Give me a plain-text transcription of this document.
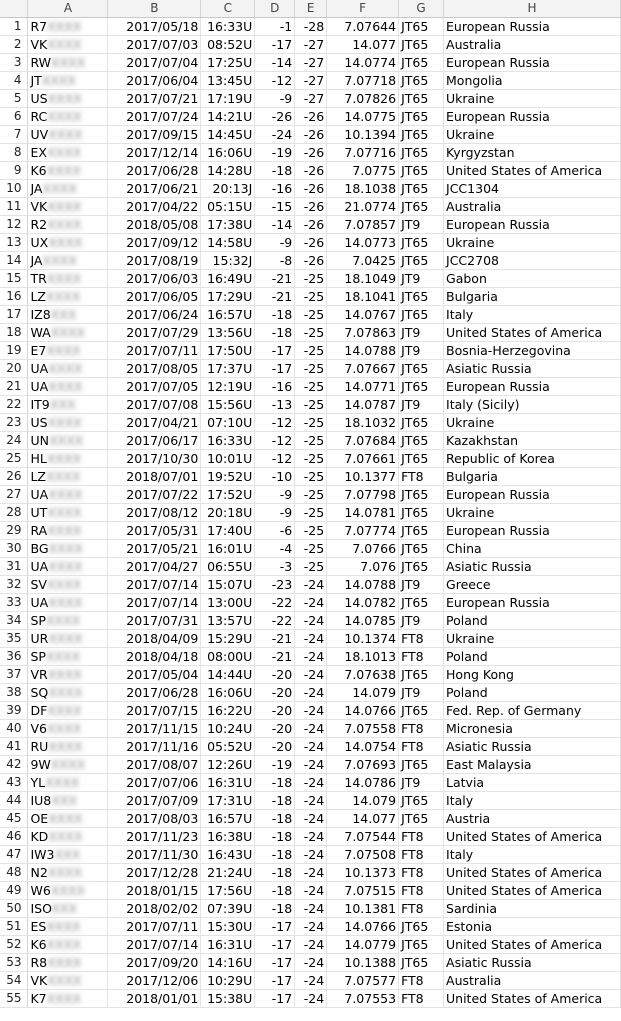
	A	B	C	D	E	F	G	H
1	R7XXXX	2017/05/18	16:33U	-1	-28	7.07644	JT65	European Russia
2	VKXXXX	2017/07/03	08:52U	-17	-27	14.077	JT65	Australia
3	RWXXXX	2017/07/04	17:25U	-14	-27	14.0774	JT65	European Russia
4	JTXXXX	2017/06/04	13:45U	-12	-27	7.07718	JT65	Mongolia
5	USXXXX	2017/07/21	17:19U	-9	-27	7.07826	JT65	Ukraine
6	RCXXXX	2017/07/24	14:21U	-26	-26	14.0775	JT65	European Russia
7	UVXXXX	2017/09/15	14:45U	-24	-26	10.1394	JT65	Ukraine
8	EXXXXX	2017/12/14	16:06U	-19	-26	7.07716	JT65	Kyrgyzstan
9	K6XXXX	2017/06/28	14:28U	-18	-26	7.0775	JT65	United States of America
10	JAXXXX	2017/06/21	20:13J	-16	-26	18.1038	JT65	JCC1304
11	VKXXXX	2017/04/22	05:15U	-15	-26	21.0774	JT65	Australia
12	R2XXXX	2018/05/08	17:38U	-14	-26	7.07857	JT9	European Russia
13	UXXXXX	2017/09/12	14:58U	-9	-26	14.0773	JT65	Ukraine
14	JAXXXX	2017/08/19	15:32J	-8	-26	7.0425	JT65	JCC2708
15	TRXXXX	2017/06/03	16:49U	-21	-25	18.1049	JT9	Gabon
16	LZXXXX	2017/06/05	17:29U	-21	-25	18.1041	JT65	Bulgaria
17	IZ8XXX	2017/06/24	16:57U	-18	-25	14.0767	JT65	Italy
18	WAXXXX	2017/07/29	13:56U	-18	-25	7.07863	JT9	United States of America
19	E7XXXX	2017/07/11	17:50U	-17	-25	14.0788	JT9	Bosnia-Herzegovina
20	UAXXXX	2017/08/05	17:37U	-17	-25	7.07667	JT65	Asiatic Russia
21	UAXXXX	2017/07/05	12:19U	-16	-25	14.0771	JT65	European Russia
22	IT9XXX	2017/07/08	15:56U	-13	-25	14.0787	JT9	Italy (Sicily)
23	USXXXX	2017/04/21	07:10U	-12	-25	18.1032	JT65	Ukraine
24	UNXXXX	2017/06/17	16:33U	-12	-25	7.07684	JT65	Kazakhstan
25	HLXXXX	2017/10/30	10:01U	-12	-25	7.07661	JT65	Republic of Korea
26	LZXXXX	2018/07/01	19:52U	-10	-25	10.1377	FT8	Bulgaria
27	UAXXXX	2017/07/22	17:52U	-9	-25	7.07798	JT65	European Russia
28	UTXXXX	2017/08/12	20:18U	-9	-25	14.0781	JT65	Ukraine
29	RAXXXX	2017/05/31	17:40U	-6	-25	7.07774	JT65	European Russia
30	BGXXXX	2017/05/21	16:01U	-4	-25	7.0766	JT65	China
31	UAXXXX	2017/04/27	06:55U	-3	-25	7.076	JT65	Asiatic Russia
32	SVXXXX	2017/07/14	15:07U	-23	-24	14.0788	JT9	Greece
33	UAXXXX	2017/07/14	13:00U	-22	-24	14.0782	JT65	European Russia
34	SPXXXX	2017/07/31	13:57U	-22	-24	14.0785	JT9	Poland
35	URXXXX	2018/04/09	15:29U	-21	-24	10.1374	FT8	Ukraine
36	SPXXXX	2018/04/18	08:00U	-21	-24	18.1013	FT8	Poland
37	VRXXXX	2017/05/04	14:44U	-20	-24	7.07638	JT65	Hong Kong
38	SQXXXX	2017/06/28	16:06U	-20	-24	14.079	JT9	Poland
39	DFXXXX	2017/07/15	16:22U	-20	-24	14.0766	JT65	Fed. Rep. of Germany
40	V6XXXX	2017/11/15	10:24U	-20	-24	7.07558	FT8	Micronesia
41	RUXXXX	2017/11/16	05:52U	-20	-24	14.0754	FT8	Asiatic Russia
42	9WXXXX	2017/08/07	12:26U	-19	-24	7.07693	JT65	East Malaysia
43	YLXXXX	2017/07/06	16:31U	-18	-24	14.0786	JT9	Latvia
44	IU8XXX	2017/07/09	17:31U	-18	-24	14.079	JT65	Italy
45	OEXXXX	2017/08/03	16:57U	-18	-24	14.077	JT65	Austria
46	KDXXXX	2017/11/23	16:38U	-18	-24	7.07544	FT8	United States of America
47	IW3XXX	2017/11/30	16:43U	-18	-24	7.07508	FT8	Italy
48	N2XXXX	2017/12/28	21:24U	-18	-24	10.1373	FT8	United States of America
49	W6XXXX	2018/01/15	17:56U	-18	-24	7.07515	FT8	United States of America
50	ISOXXX	2018/02/02	07:39U	-18	-24	10.1381	FT8	Sardinia
51	ESXXXX	2017/07/11	15:30U	-17	-24	14.0766	JT65	Estonia
52	K6XXXX	2017/07/14	16:31U	-17	-24	14.0779	JT65	United States of America
53	R8XXXX	2017/09/20	14:16U	-17	-24	10.1388	JT65	Asiatic Russia
54	VKXXXX	2017/12/06	10:29U	-17	-24	7.07577	FT8	Australia
55	K7XXXX	2018/01/01	15:38U	-17	-24	7.07553	FT8	United States of America
